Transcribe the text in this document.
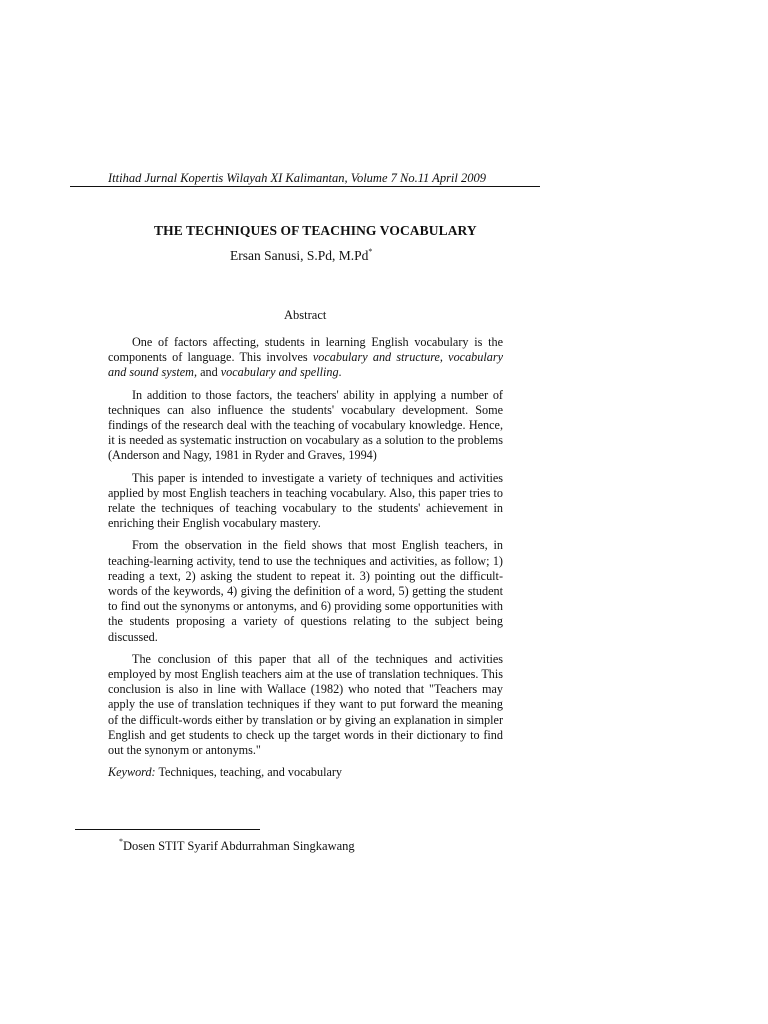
Ittihad Jurnal Kopertis Wilayah XI Kalimantan, Volume 7 No.11 April 2009
THE TECHNIQUES OF TEACHING VOCABULARY
Ersan Sanusi, S.Pd, M.Pd*
Abstract

One of factors affecting, students in learning English vocabulary is the components of language. This involves vocabulary and structure, vocabulary and sound system, and vocabulary and spelling.

In addition to those factors, the teachers' ability in applying a number of techniques can also influence the students' vocabulary development. Some findings of the research deal with the teaching of vocabulary knowledge. Hence, it is needed as systematic instruction on vocabulary as a solution to the problems (Anderson and Nagy, 1981 in Ryder and Graves, 1994)

This paper is intended to investigate a variety of techniques and activities applied by most English teachers in teaching vocabulary. Also, this paper tries to relate the techniques of teaching vocabulary to the students' achievement in enriching their English vocabulary mastery.

From the observation in the field shows that most English teachers, in teaching-learning activity, tend to use the techniques and activities, as follow; 1) reading a text, 2) asking the student to repeat it. 3) pointing out the difficult-words of the keywords, 4) giving the definition of a word, 5) getting the student to find out the synonyms or antonyms, and 6) providing some opportunities with the students proposing a variety of questions relating to the subject being discussed.

The conclusion of this paper that all of the techniques and activities employed by most English teachers aim at the use of translation techniques. This conclusion is also in line with Wallace (1982) who noted that "Teachers may apply the use of translation techniques if they want to put forward the meaning of the difficult-words either by translation or by giving an explanation in simpler English and get students to check up the target words in their dictionary to find out the synonym or antonyms."

Keyword: Techniques, teaching, and vocabulary

*Dosen STIT Syarif Abdurrahman Singkawang
